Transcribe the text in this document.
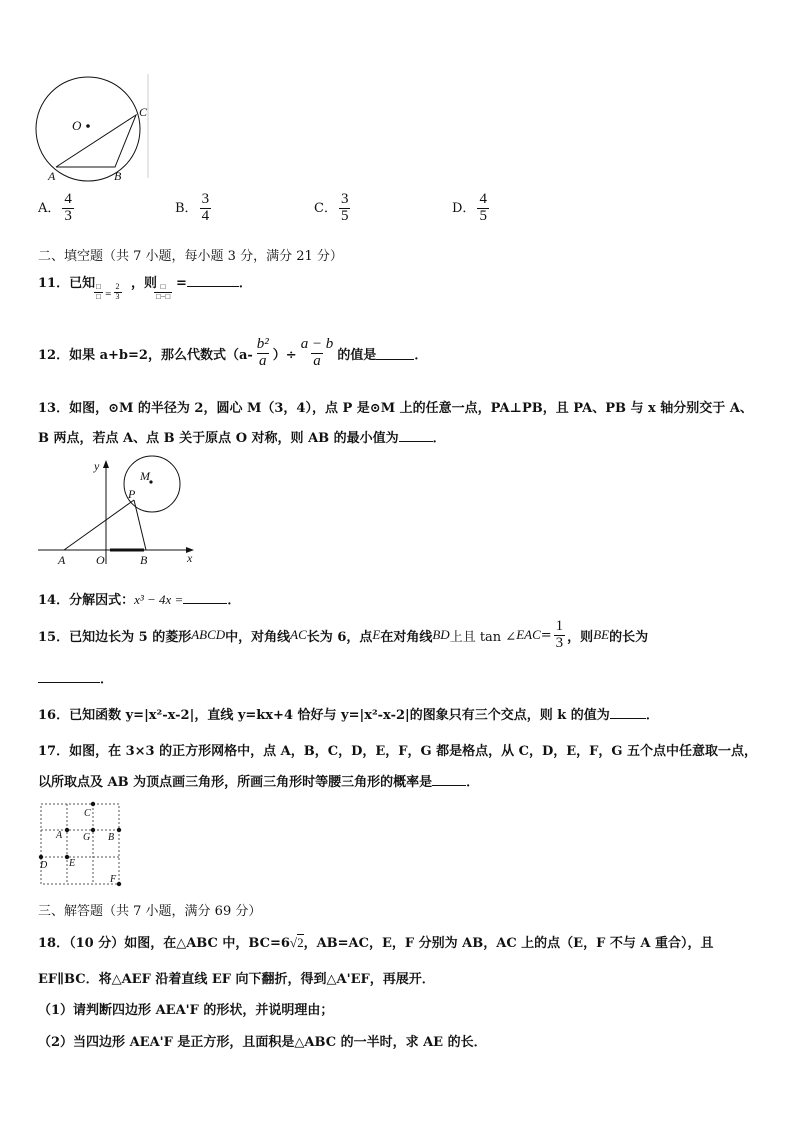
O
A	B
C
A． $\frac{4}{3}$	B． $\frac{3}{4}$	C． $\frac{3}{5}$	D． $\frac{4}{5}$
二、填空题（共 7 小题，每小题 3 分，满分 21 分）
11．已知
$\frac{□}{□} = \frac{2}{3}$ ，则
$\frac{□}{□-□}$ =	．
12．如果 a+b=2，那么代数式（$a- \frac{\text{b²}}{a}$ ）÷ $\frac{a - b}{a}$ 的值是	．
13．如图，⊙M 的半径为 2，圆心 M（3，4），点 P 是⊙M 上的任意一点，PA⊥PB，且 PA、PB 与 x 轴分别交于 A、
B 两点，若点 A、点 B 关于原点 O 对称，则 AB 的最小值为	．
y
x
M
P
A	O	B
14．分解因式：x³ − 4x =	．
15．已知边长为 5 的菱形 ABCD 中，对角线 AC 长为 6，点 E 在对角线 BD 上且 tan ∠ EAC = $\frac{1}{3}$ ，则 BE 的长为
．
16．已知函数 y=|x²-x-2|，直线 y=kx+4 恰好与 y=|x²-x-2|的图象只有三个交点，则 k 的值为	．
17．如图，在 3×3 的正方形网格中，点 A，B，C，D，E，F，G 都是格点，从 C，D，E，F，G 五个点中任意取一点，
以所取点及 AB 为顶点画三角形，所画三角形时等腰三角形的概率是	．
C
A G B
D E
F
三、解答题（共 7 小题，满分 69 分）
18．（10 分）如图，在△ABC 中，BC=6√2，AB=AC，E，F 分别为 AB，AC 上的点（E，F 不与 A 重合），且
EF∥BC．将△AEF 沿着直线 EF 向下翻折，得到△A'EF，再展开．
（1）请判断四边形 AEA'F 的形状，并说明理由；
（2）当四边形 AEA'F 是正方形，且面积是△ABC 的一半时，求 AE 的长．
